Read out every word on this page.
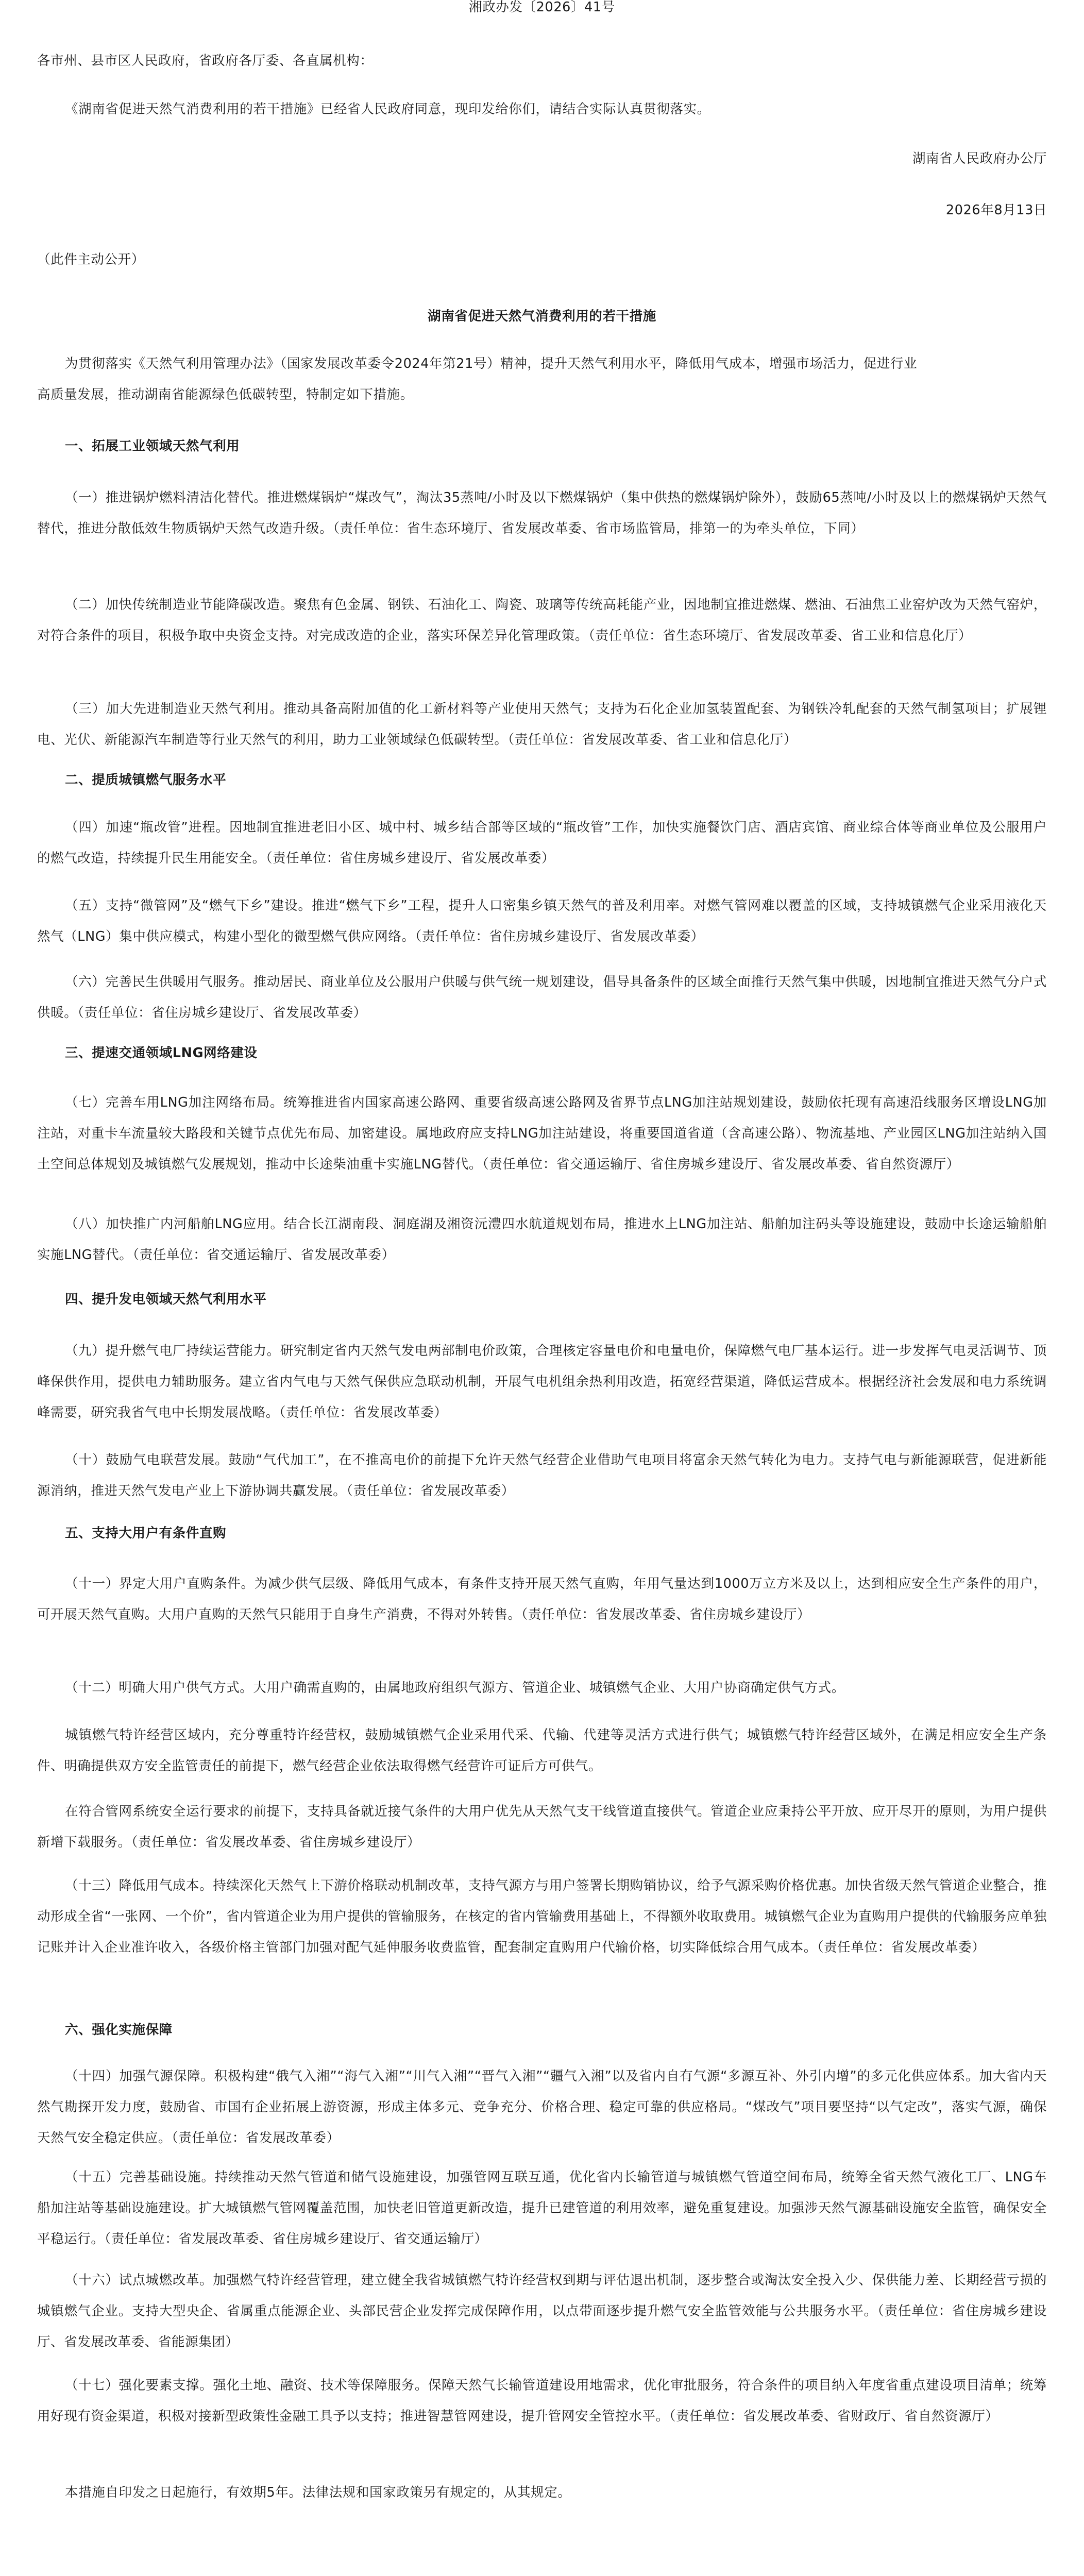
湘政办发〔2026〕41号

各市州、县市区人民政府，省政府各厅委、各直属机构：

《湖南省促进天然气消费利用的若干措施》已经省人民政府同意，现印发给你们，请结合实际认真贯彻落实。

湖南省人民政府办公厅

2026年8月13日

（此件主动公开）

湖南省促进天然气消费利用的若干措施

为贯彻落实《天然气利用管理办法》（国家发展改革委令2024年第21号）精神，提升天然气利用水平，降低用气成本，增强市场活力，促进行业

高质量发展，推动湖南省能源绿色低碳转型，特制定如下措施。

一、拓展工业领域天然气利用

（一）推进锅炉燃料清洁化替代。推进燃煤锅炉“煤改气”，淘汰35蒸吨/小时及以下燃煤锅炉（集中供热的燃煤锅炉除外），鼓励65蒸吨/小时及以上的燃煤锅炉天然气替代，推进分散低效生物质锅炉天然气改造升级。（责任单位：省生态环境厅、省发展改革委、省市场监管局，排第一的为牵头单位，下同）

（二）加快传统制造业节能降碳改造。聚焦有色金属、钢铁、石油化工、陶瓷、玻璃等传统高耗能产业，因地制宜推进燃煤、燃油、石油焦工业窑炉改为天然气窑炉，对符合条件的项目，积极争取中央资金支持。对完成改造的企业，落实环保差异化管理政策。（责任单位：省生态环境厅、省发展改革委、省工业和信息化厅）

（三）加大先进制造业天然气利用。推动具备高附加值的化工新材料等产业使用天然气；支持为石化企业加氢装置配套、为钢铁冷轧配套的天然气制氢项目；扩展锂电、光伏、新能源汽车制造等行业天然气的利用，助力工业领域绿色低碳转型。（责任单位：省发展改革委、省工业和信息化厅）

二、提质城镇燃气服务水平

（四）加速“瓶改管”进程。因地制宜推进老旧小区、城中村、城乡结合部等区域的“瓶改管”工作，加快实施餐饮门店、酒店宾馆、商业综合体等商业单位及公服用户的燃气改造，持续提升民生用能安全。（责任单位：省住房城乡建设厅、省发展改革委）

（五）支持“微管网”及“燃气下乡”建设。推进“燃气下乡”工程，提升人口密集乡镇天然气的普及利用率。对燃气管网难以覆盖的区域，支持城镇燃气企业采用液化天然气（LNG）集中供应模式，构建小型化的微型燃气供应网络。（责任单位：省住房城乡建设厅、省发展改革委）

（六）完善民生供暖用气服务。推动居民、商业单位及公服用户供暖与供气统一规划建设，倡导具备条件的区域全面推行天然气集中供暖，因地制宜推进天然气分户式供暖。（责任单位：省住房城乡建设厅、省发展改革委）

三、提速交通领域LNG网络建设

（七）完善车用LNG加注网络布局。统筹推进省内国家高速公路网、重要省级高速公路网及省界节点LNG加注站规划建设，鼓励依托现有高速沿线服务区增设LNG加注站，对重卡车流量较大路段和关键节点优先布局、加密建设。属地政府应支持LNG加注站建设，将重要国道省道（含高速公路）、物流基地、产业园区LNG加注站纳入国土空间总体规划及城镇燃气发展规划，推动中长途柴油重卡实施LNG替代。（责任单位：省交通运输厅、省住房城乡建设厅、省发展改革委、省自然资源厅）

（八）加快推广内河船舶LNG应用。结合长江湖南段、洞庭湖及湘资沅澧四水航道规划布局，推进水上LNG加注站、船舶加注码头等设施建设，鼓励中长途运输船舶实施LNG替代。（责任单位：省交通运输厅、省发展改革委）

四、提升发电领域天然气利用水平

（九）提升燃气电厂持续运营能力。研究制定省内天然气发电两部制电价政策，合理核定容量电价和电量电价，保障燃气电厂基本运行。进一步发挥气电灵活调节、顶峰保供作用，提供电力辅助服务。建立省内气电与天然气保供应急联动机制，开展气电机组余热利用改造，拓宽经营渠道，降低运营成本。根据经济社会发展和电力系统调峰需要，研究我省气电中长期发展战略。（责任单位：省发展改革委）

（十）鼓励气电联营发展。鼓励“气代加工”，在不推高电价的前提下允许天然气经营企业借助气电项目将富余天然气转化为电力。支持气电与新能源联营，促进新能源消纳，推进天然气发电产业上下游协调共赢发展。（责任单位：省发展改革委）

五、支持大用户有条件直购

（十一）界定大用户直购条件。为减少供气层级、降低用气成本，有条件支持开展天然气直购，年用气量达到1000万立方米及以上，达到相应安全生产条件的用户，可开展天然气直购。大用户直购的天然气只能用于自身生产消费，不得对外转售。（责任单位：省发展改革委、省住房城乡建设厅）

（十二）明确大用户供气方式。大用户确需直购的，由属地政府组织气源方、管道企业、城镇燃气企业、大用户协商确定供气方式。

城镇燃气特许经营区域内，充分尊重特许经营权，鼓励城镇燃气企业采用代采、代输、代建等灵活方式进行供气；城镇燃气特许经营区域外，在满足相应安全生产条件、明确提供双方安全监管责任的前提下，燃气经营企业依法取得燃气经营许可证后方可供气。

在符合管网系统安全运行要求的前提下，支持具备就近接气条件的大用户优先从天然气支干线管道直接供气。管道企业应秉持公平开放、应开尽开的原则，为用户提供新增下载服务。（责任单位：省发展改革委、省住房城乡建设厅）

（十三）降低用气成本。持续深化天然气上下游价格联动机制改革，支持气源方与用户签署长期购销协议，给予气源采购价格优惠。加快省级天然气管道企业整合，推动形成全省“一张网、一个价”，省内管道企业为用户提供的管输服务，在核定的省内管输费用基础上，不得额外收取费用。城镇燃气企业为直购用户提供的代输服务应单独记账并计入企业准许收入，各级价格主管部门加强对配气延伸服务收费监管，配套制定直购用户代输价格，切实降低综合用气成本。（责任单位：省发展改革委）

六、强化实施保障

（十四）加强气源保障。积极构建“俄气入湘”“海气入湘”“川气入湘”“晋气入湘”“疆气入湘”以及省内自有气源“多源互补、外引内增”的多元化供应体系。加大省内天然气勘探开发力度，鼓励省、市国有企业拓展上游资源，形成主体多元、竞争充分、价格合理、稳定可靠的供应格局。“煤改气”项目要坚持“以气定改”，落实气源，确保天然气安全稳定供应。（责任单位：省发展改革委）

（十五）完善基础设施。持续推动天然气管道和储气设施建设，加强管网互联互通，优化省内长输管道与城镇燃气管道空间布局，统筹全省天然气液化工厂、LNG车船加注站等基础设施建设。扩大城镇燃气管网覆盖范围，加快老旧管道更新改造，提升已建管道的利用效率，避免重复建设。加强涉天然气源基础设施安全监管，确保安全平稳运行。（责任单位：省发展改革委、省住房城乡建设厅、省交通运输厅）

（十六）试点城燃改革。加强燃气特许经营管理，建立健全我省城镇燃气特许经营权到期与评估退出机制，逐步整合或淘汰安全投入少、保供能力差、长期经营亏损的城镇燃气企业。支持大型央企、省属重点能源企业、头部民营企业发挥完成保障作用，以点带面逐步提升燃气安全监管效能与公共服务水平。（责任单位：省住房城乡建设厅、省发展改革委、省能源集团）

（十七）强化要素支撑。强化土地、融资、技术等保障服务。保障天然气长输管道建设用地需求，优化审批服务，符合条件的项目纳入年度省重点建设项目清单；统筹用好现有资金渠道，积极对接新型政策性金融工具予以支持；推进智慧管网建设，提升管网安全管控水平。（责任单位：省发展改革委、省财政厅、省自然资源厅）

本措施自印发之日起施行，有效期5年。法律法规和国家政策另有规定的，从其规定。
